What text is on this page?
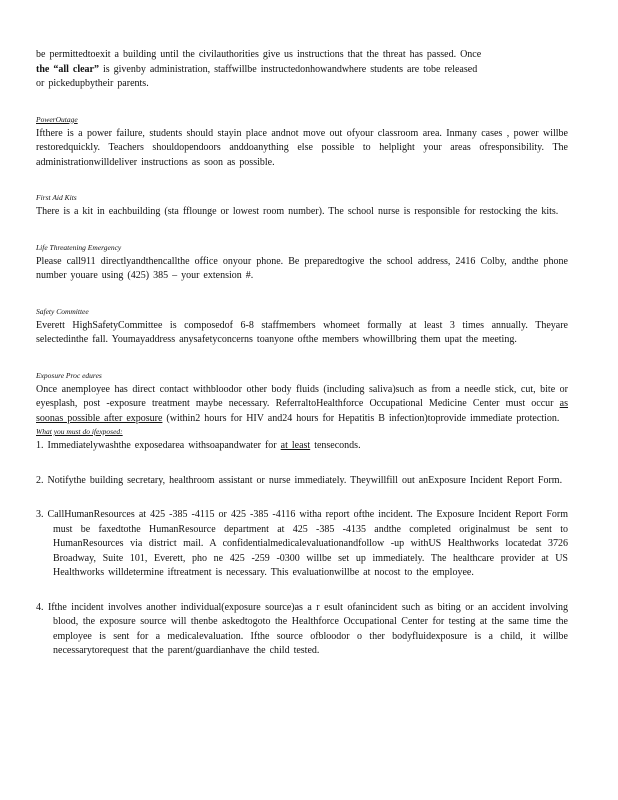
be permittedtoexit a building until the civilauthorities give us instructions that the threat has passed. Once
the “all clear” is givenby administration, staffwillbe instructedonhowandwhere students are tobe released
or pickedupbytheir parents.

PowerOutage

Ifthere is a power failure, students should stayin place andnot move out ofyour classroom area. Inmany cases , power willbe restoredquickly. Teachers shouldopendoors anddoanything else possible to helplight your areas ofresponsibility. The administrationwilldeliver instructions as soon as possible.

First Aid Kits

There is a kit in eachbuilding (sta fflounge or lowest room number). The school nurse is responsible for restocking the kits.

Life Threatening Emergency

Please call911 directlyandthencallthe office onyour phone. Be preparedtogive the school address, 2416 Colby, andthe phone number youare using (425) 385 – your extension #.

Safety Committee

Everett HighSafetyCommittee is composedof 6-8 staffmembers whomeet formally at least 3 times annually. Theyare selectedinthe fall. Youmayaddress anysafetyconcerns toanyone ofthe members whowillbring them upat the meeting.

Exposure Proc edures

Once anemployee has direct contact withbloodor other body fluids (including saliva)such as from a needle stick, cut, bite or eyesplash, post -exposure treatment maybe necessary. ReferraltoHealthforce Occupational Medicine Center must occur as soonas possible after exposure (within2 hours for HIV and24 hours for Hepatitis B infection)toprovide immediate protection.

What you must do ifexposed:
1. Immediatelywashthe exposedarea withsoapandwater for at least tenseconds.
2. Notifythe building secretary, healthroom assistant or nurse immediately. Theywillfill out anExposure Incident Report Form.
3. CallHumanResources at 425 -385 -4115 or 425 -385 -4116 witha report ofthe incident. The Exposure Incident Report Form must be faxedtothe HumanResource department at 425 -385 -4135 andthe completed originalmust be sent to HumanResources via district mail. A confidentialmedicalevaluationandfollow -up withUS Healthworks locatedat 3726 Broadway, Suite 101, Everett, pho ne 425 -259 -0300 willbe set up immediately. The healthcare provider at US Healthworks willdetermine iftreatment is necessary. This evaluationwillbe at nocost to the employee.
4. Ifthe incident involves another individual(exposure source)as a r esult ofanincident such as biting or an accident involving blood, the exposure source will thenbe askedtogoto the Healthforce Occupational Center for testing at the same time the employee is sent for a medicalevaluation. Ifthe source ofbloodor o ther bodyfluidexposure is a child, it willbe necessarytorequest that the parent/guardianhave the child tested.
